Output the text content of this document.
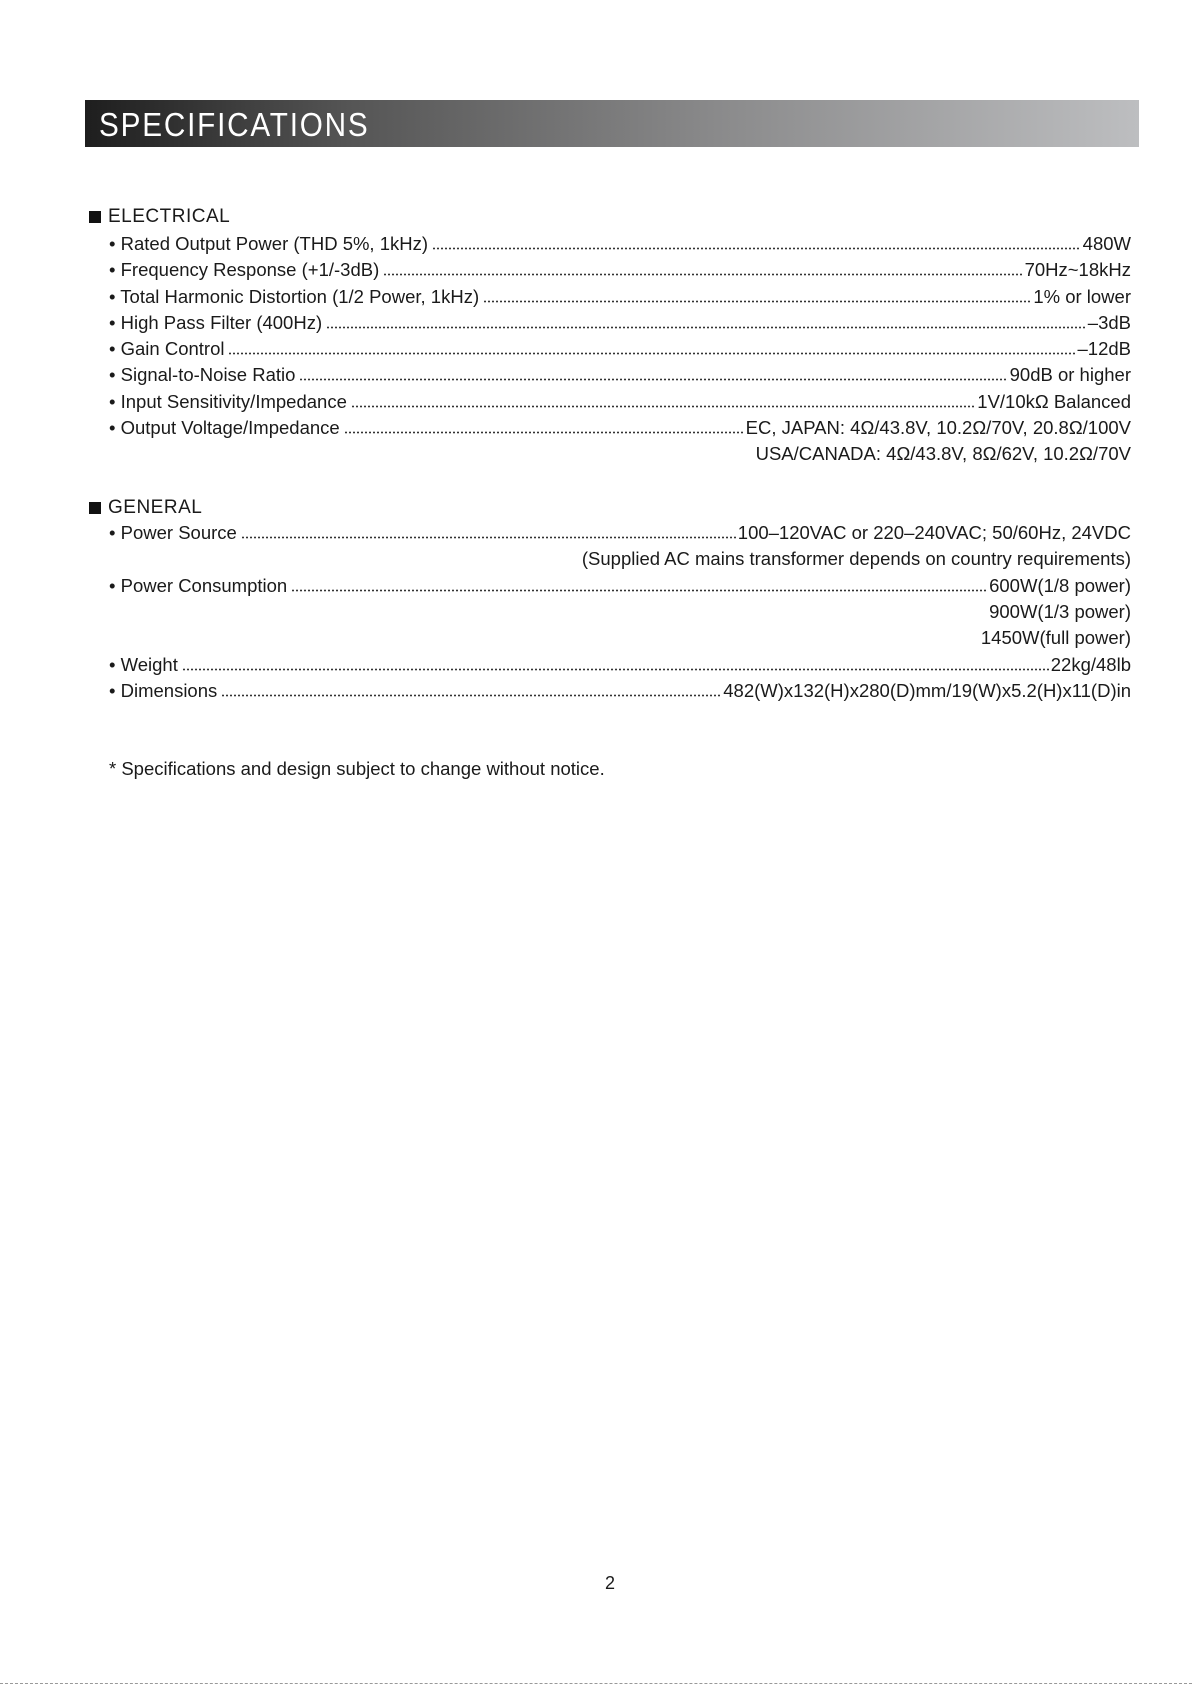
SPECIFICATIONS
ELECTRICAL
• Rated Output Power (THD 5%, 1kHz)	480W
• Frequency Response (+1/-3dB)	70Hz~18kHz
• Total Harmonic Distortion (1/2 Power, 1kHz)	1% or lower
• High Pass Filter (400Hz)	–3dB
• Gain Control	–12dB
• Signal-to-Noise Ratio	90dB or higher
• Input Sensitivity/Impedance	1V/10kΩ Balanced
• Output Voltage/Impedance	EC, JAPAN: 4Ω/43.8V, 10.2Ω/70V, 20.8Ω/100V
USA/CANADA: 4Ω/43.8V, 8Ω/62V, 10.2Ω/70V
GENERAL
• Power Source	100–120VAC or 220–240VAC; 50/60Hz, 24VDC
(Supplied AC mains transformer depends on country requirements)
• Power Consumption	600W(1/8 power)
900W(1/3 power)
1450W(full power)
• Weight	22kg/48lb
• Dimensions	482(W)x132(H)x280(D)mm/19(W)x5.2(H)x11(D)in
* Specifications and design subject to change without notice.
2
